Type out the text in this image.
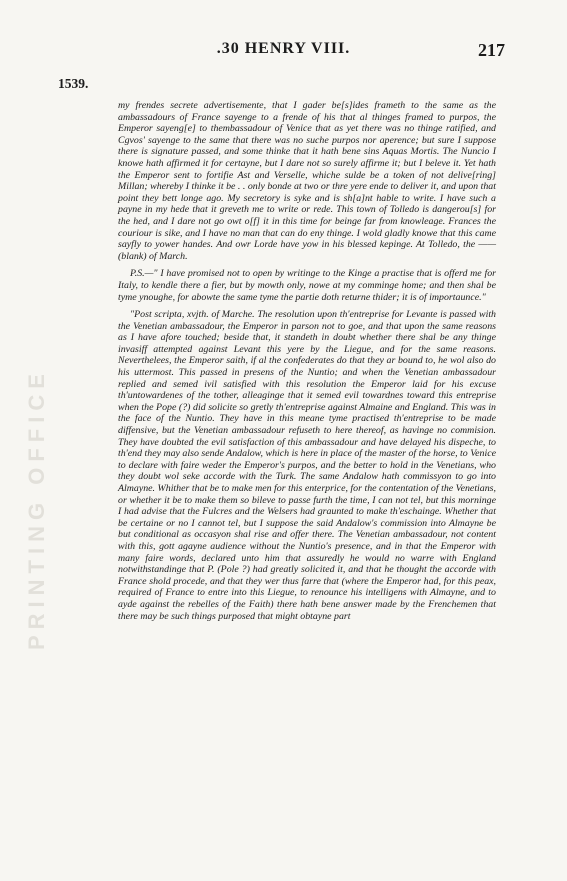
PRINTING OFFICE
.30 HENRY VIII.	217
1539.

my frendes secrete advertisemente, that I gader be[s]ides frameth to the same as the ambassadours of France sayenge to a frende of his that al thinges framed to purpos, the Emperor sayeng[e] to thembassadour of Venice that as yet there was no thinge ratified, and Cgvos' sayenge to the same that there was no suche purpos nor aperence; but sure I suppose there is signature passed, and some thinke that it hath bene sins Aquas Mortis. The Nuncio I knowe hath affirmed it for certayne, but I dare not so surely affirme it; but I beleve it. Yet hath the Emperor sent to fortifie Ast and Verselle, whiche sulde be a token of not delive[ring] Millan; whereby I thinke it be . . only bonde at two or thre yere ende to deliver it, and upon that point they bett longe ago. My secretory is syke and is sh[a]nt hable to write. I have such a payne in my hede that it greveth me to write or rede. This town of Tolledo is dangerou[s] for the hed, and I dare not go owt o[f] it in this time for beinge far from knowleage. Frances the couriour is sike, and I have no man that can do eny thinge. I wold gladly knowe that this came sayfly to yower handes. And owr Lorde have yow in his blessed kepinge. At Tolledo, the —— (blank) of March.

P.S.—" I have promised not to open by writinge to the Kinge a practise that is offerd me for Italy, to kendle there a fier, but by mowth only, nowe at my comminge home; and then shal be tyme ynoughe, for abowte the same tyme the partie doth returne thider; it is of importaunce."

"Post scripta, xvjth. of Marche. The resolution upon th'entreprise for Levante is passed with the Venetian ambassadour, the Emperor in parson not to goe, and that upon the same reasons as I have afore touched; beside that, it standeth in doubt whether there shal be any thinge invasiff attempted against Levant this yere by the Liegue, and for the same reasons. Neverthelees, the Emperor saith, if al the confederates do that they ar bound to, he wol also do his uttermost. This passed in presens of the Nuntio; and when the Venetian ambassadour replied and semed ivil satisfied with this resolution the Emperor laid for his excuse th'untowardenes of the tother, alleaginge that it semed evil towardnes toward this entreprise when the Pope (?) did solicite so gretly th'entreprise against Almaine and England. This was in the face of the Nuntio. They have in this meane tyme practised th'entreprise to be made diffensive, but the Venetian ambassadour refuseth to here thereof, as havinge no commision. They have doubted the evil satisfaction of this ambassadour and have delayed his dispeche, to th'end they may also sende Andalow, which is here in place of the master of the horse, to Venice to declare with faire weder the Emperor's purpos, and the better to hold in the Venetians, who they doubt wol seke accorde with the Turk. The same Andalow hath commissyon to go into Almayne. Whither that be to make men for this enterprice, for the contentation of the Venetians, or whether it be to make them so bileve to passe furth the time, I can not tel, but this morninge I had advise that the Fulcres and the Welsers had graunted to make th'eschainge. Whether that be certaine or no I cannot tel, but I suppose the said Andalow's commission into Almayne be but conditional as occasyon shal rise and offer there. The Venetian ambassadour, not content with this, gott agayne audience without the Nuntio's presence, and in that the Emperor with many faire words, declared unto him that assuredly he would no warre with England notwithstandinge that P. (Pole ?) had greatly solicited it, and that he thought the accorde with France shold procede, and that they wer thus farre that (where the Emperor had, for this peax, required of France to entre into this Liegue, to renounce his intelligens with Almayne, and to ayde against the rebelles of the Faith) there hath bene answer made by the Frenchemen that there may be such things purposed that might obtayne part
